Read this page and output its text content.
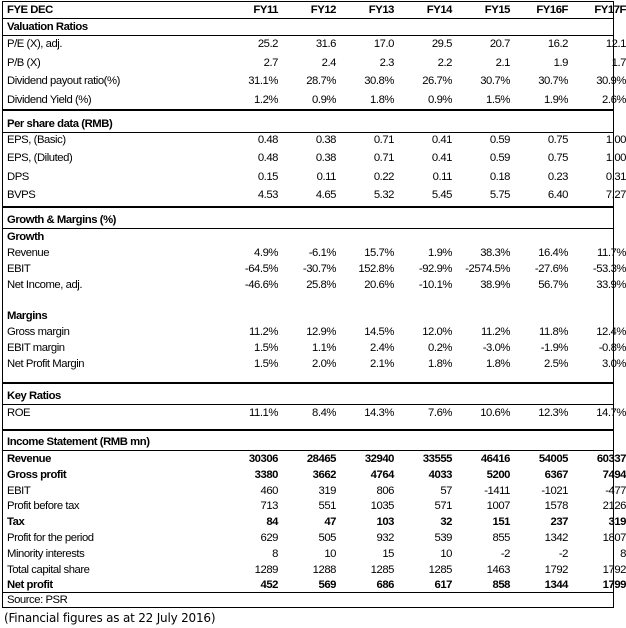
FYE DEC	FY11	FY12	FY13	FY14	FY15	FY16F	FY17F
Valuation Ratios
P/E (X), adj.	25.2	31.6	17.0	29.5	20.7	16.2	12.1
P/B (X)	2.7	2.4	2.3	2.2	2.1	1.9	1.7
Dividend payout ratio(%)	31.1%	28.7%	30.8%	26.7%	30.7%	30.7%	30.9%
Dividend Yield (%)	1.2%	0.9%	1.8%	0.9%	1.5%	1.9%	2.6%
Per share data (RMB)
EPS, (Basic)	0.48	0.38	0.71	0.41	0.59	0.75	1.00
EPS, (Diluted)	0.48	0.38	0.71	0.41	0.59	0.75	1.00
DPS	0.15	0.11	0.22	0.11	0.18	0.23	0.31
BVPS	4.53	4.65	5.32	5.45	5.75	6.40	7.27
Growth & Margins (%)
Growth
Revenue	4.9%	-6.1%	15.7%	1.9%	38.3%	16.4%	11.7%
EBIT	-64.5%	-30.7%	152.8%	-92.9%	-2574.5%	-27.6%	-53.3%
Net Income, adj.	-46.6%	25.8%	20.6%	-10.1%	38.9%	56.7%	33.9%
Margins
Gross margin	11.2%	12.9%	14.5%	12.0%	11.2%	11.8%	12.4%
EBIT margin	1.5%	1.1%	2.4%	0.2%	-3.0%	-1.9%	-0.8%
Net Profit Margin	1.5%	2.0%	2.1%	1.8%	1.8%	2.5%	3.0%
Key Ratios
ROE	11.1%	8.4%	14.3%	7.6%	10.6%	12.3%	14.7%
Income Statement (RMB mn)
Revenue	30306	28465	32940	33555	46416	54005	60337
Gross profit	3380	3662	4764	4033	5200	6367	7494
EBIT	460	319	806	57	-1411	-1021	-477
Profit before tax	713	551	1035	571	1007	1578	2126
Tax	84	47	103	32	151	237	319
Profit for the period	629	505	932	539	855	1342	1807
Minority interests	8	10	15	10	-2	-2	8
Total capital share	1289	1288	1285	1285	1463	1792	1792
Net profit	452	569	686	617	858	1344	1799
Source: PSR
(Financial figures as at 22 July 2016)
